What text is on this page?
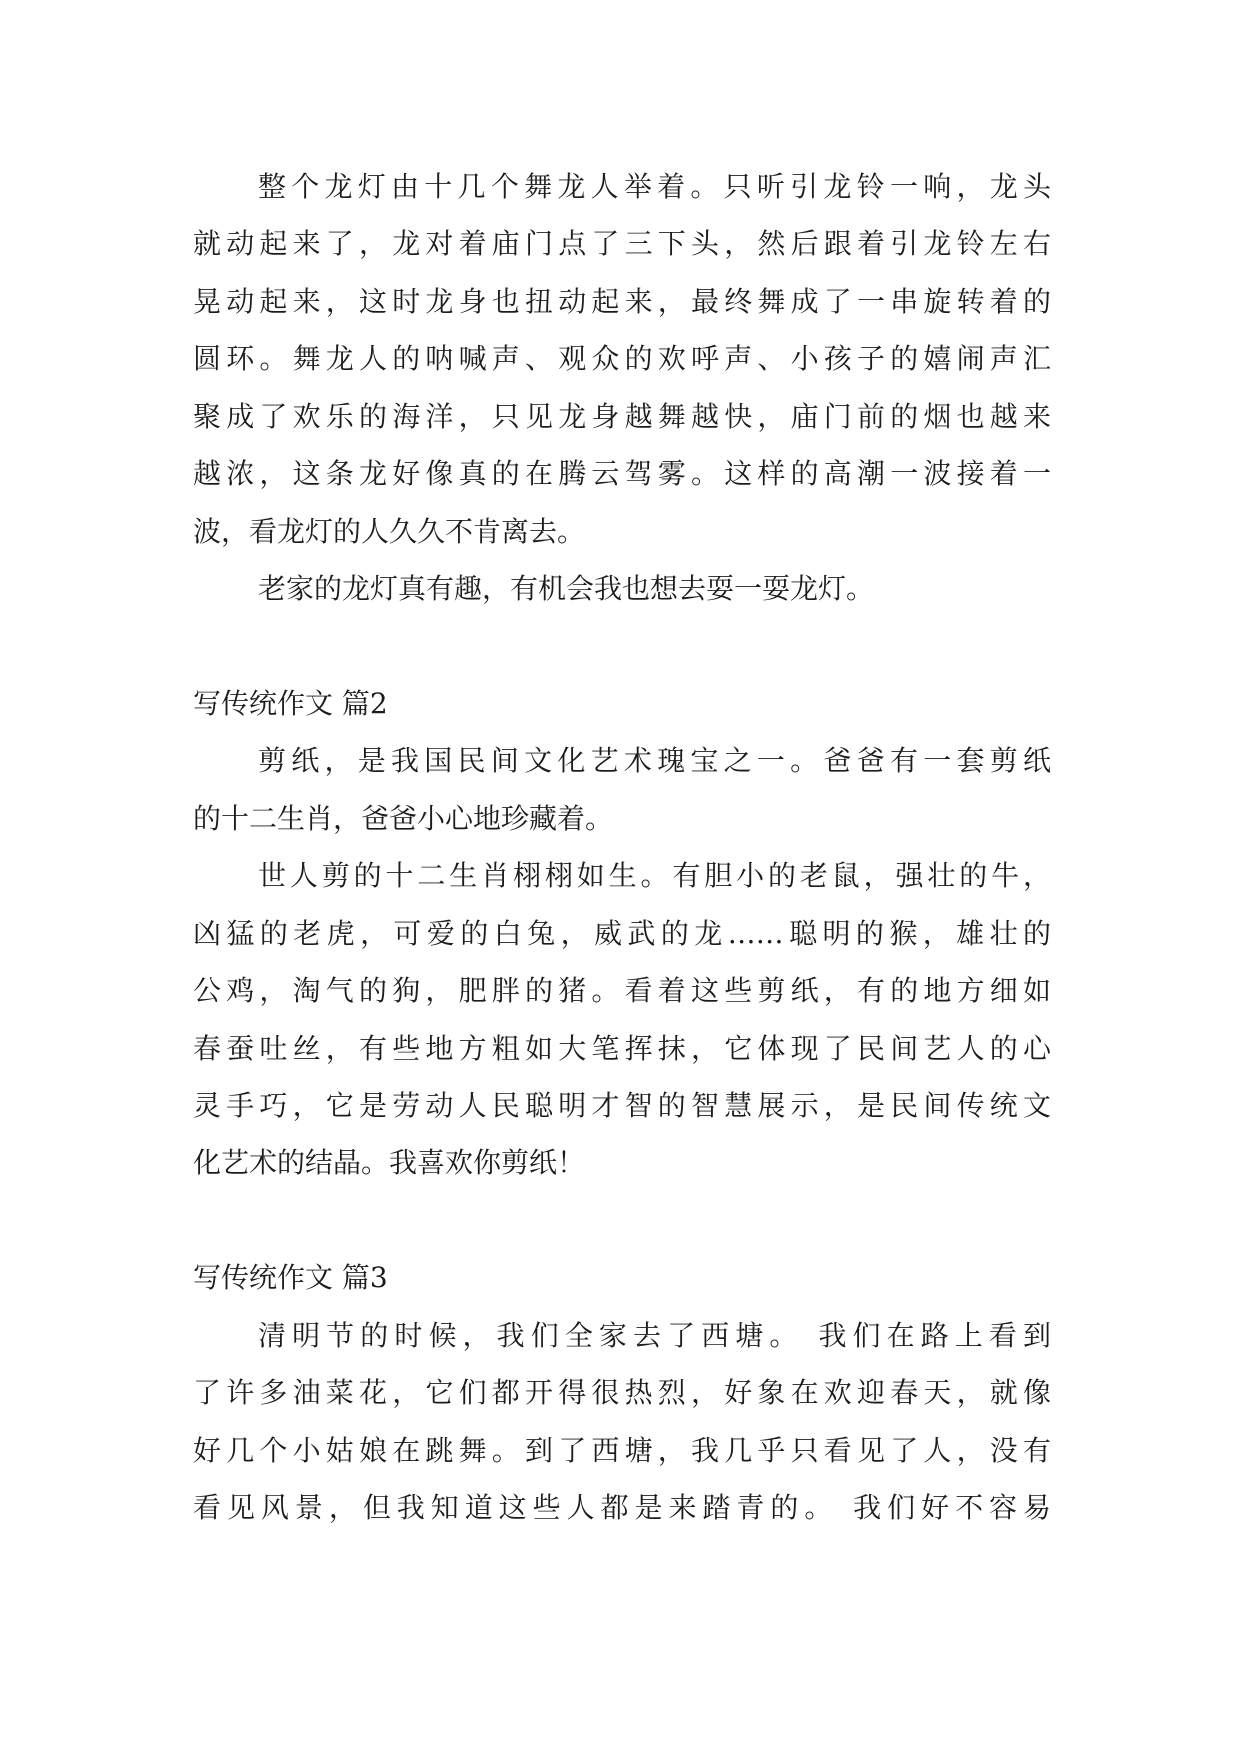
整个龙灯由十几个舞龙人举着。只听引龙铃一响，龙头
就动起来了，龙对着庙门点了三下头，然后跟着引龙铃左右
晃动起来，这时龙身也扭动起来，最终舞成了一串旋转着的
圆环。舞龙人的呐喊声、观众的欢呼声、小孩子的嬉闹声汇
聚成了欢乐的海洋，只见龙身越舞越快，庙门前的烟也越来
越浓，这条龙好像真的在腾云驾雾。这样的高潮一波接着一
波，看龙灯的人久久不肯离去。
老家的龙灯真有趣，有机会我也想去耍一耍龙灯。
写传统作文 篇2
剪纸，是我国民间文化艺术瑰宝之一。爸爸有一套剪纸
的十二生肖，爸爸小心地珍藏着。
世人剪的十二生肖栩栩如生。有胆小的老鼠，强壮的牛，
凶猛的老虎，可爱的白兔，威武的龙……聪明的猴，雄壮的
公鸡，淘气的狗，肥胖的猪。看着这些剪纸，有的地方细如
春蚕吐丝，有些地方粗如大笔挥抹，它体现了民间艺人的心
灵手巧，它是劳动人民聪明才智的智慧展示，是民间传统文
化艺术的结晶。我喜欢你剪纸！
写传统作文 篇3
清明节的时候，我们全家去了西塘。 我们在路上看到
了许多油菜花，它们都开得很热烈，好象在欢迎春天，就像
好几个小姑娘在跳舞。到了西塘，我几乎只看见了人，没有
看见风景，但我知道这些人都是来踏青的。 我们好不容易
